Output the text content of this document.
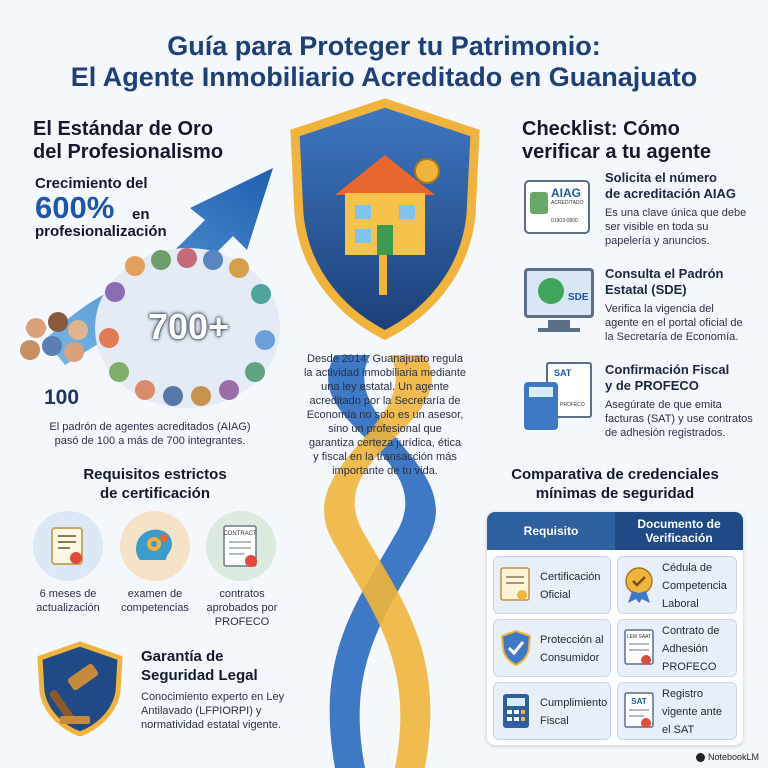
Guía para Proteger tu Patrimonio:
El Agente Inmobiliario Acreditado en Guanajuato
El Estándar de Oro
del Profesionalismo
Crecimiento del
600% en
profesionalización
100
700+
El padrón de agentes acreditados (AIAG)
pasó de 100 a más de 700 integrantes.
Requisitos estrictos
de certificación
6 meses de
actualización
examen de
competencias
CONTRACT
contratos
aprobados por
PROFECO
Garantía de
Seguridad Legal
Conocimiento experto en Ley
Antilavado (LFPIORPI) y
normatividad estatal vigente.
Desde 2014, Guanajuato regula
la actividad inmobiliaria mediante
una ley estatal. Un agente
acreditado por la Secretaría de
Economía no solo es un asesor,
sino un profesional que
garantiza certeza jurídica, ética
y fiscal en la transacción más
importante de tu vida.
Checklist: Cómo
verificar a tu agente
AIAG
ACREDITADO
01903-0800
Solicita el número
de acreditación AIAG
Es una clave única que debe
ser visible en toda su
papelería y anuncios.
SDE
Consulta el Padrón
Estatal (SDE)
Verifica la vigencia del
agente en el portal oficial de
la Secretaría de Economía.
SAT
PROFECO
Confirmación Fiscal
y de PROFECO
Asegúrate de que emita
facturas (SAT) y use contratos
de adhesión registrados.
Comparativa de credenciales
mínimas de seguridad
Requisito	Documento de
Verificación
Certificación
Oficial
Cédula de
Competencia
Laboral
Protección al
Consumidor
LEM SAAT Contrato de
Adhesión
PROFECO
Cumplimiento
Fiscal
SAT
Registro
vigente ante
el SAT
NotebookLM
